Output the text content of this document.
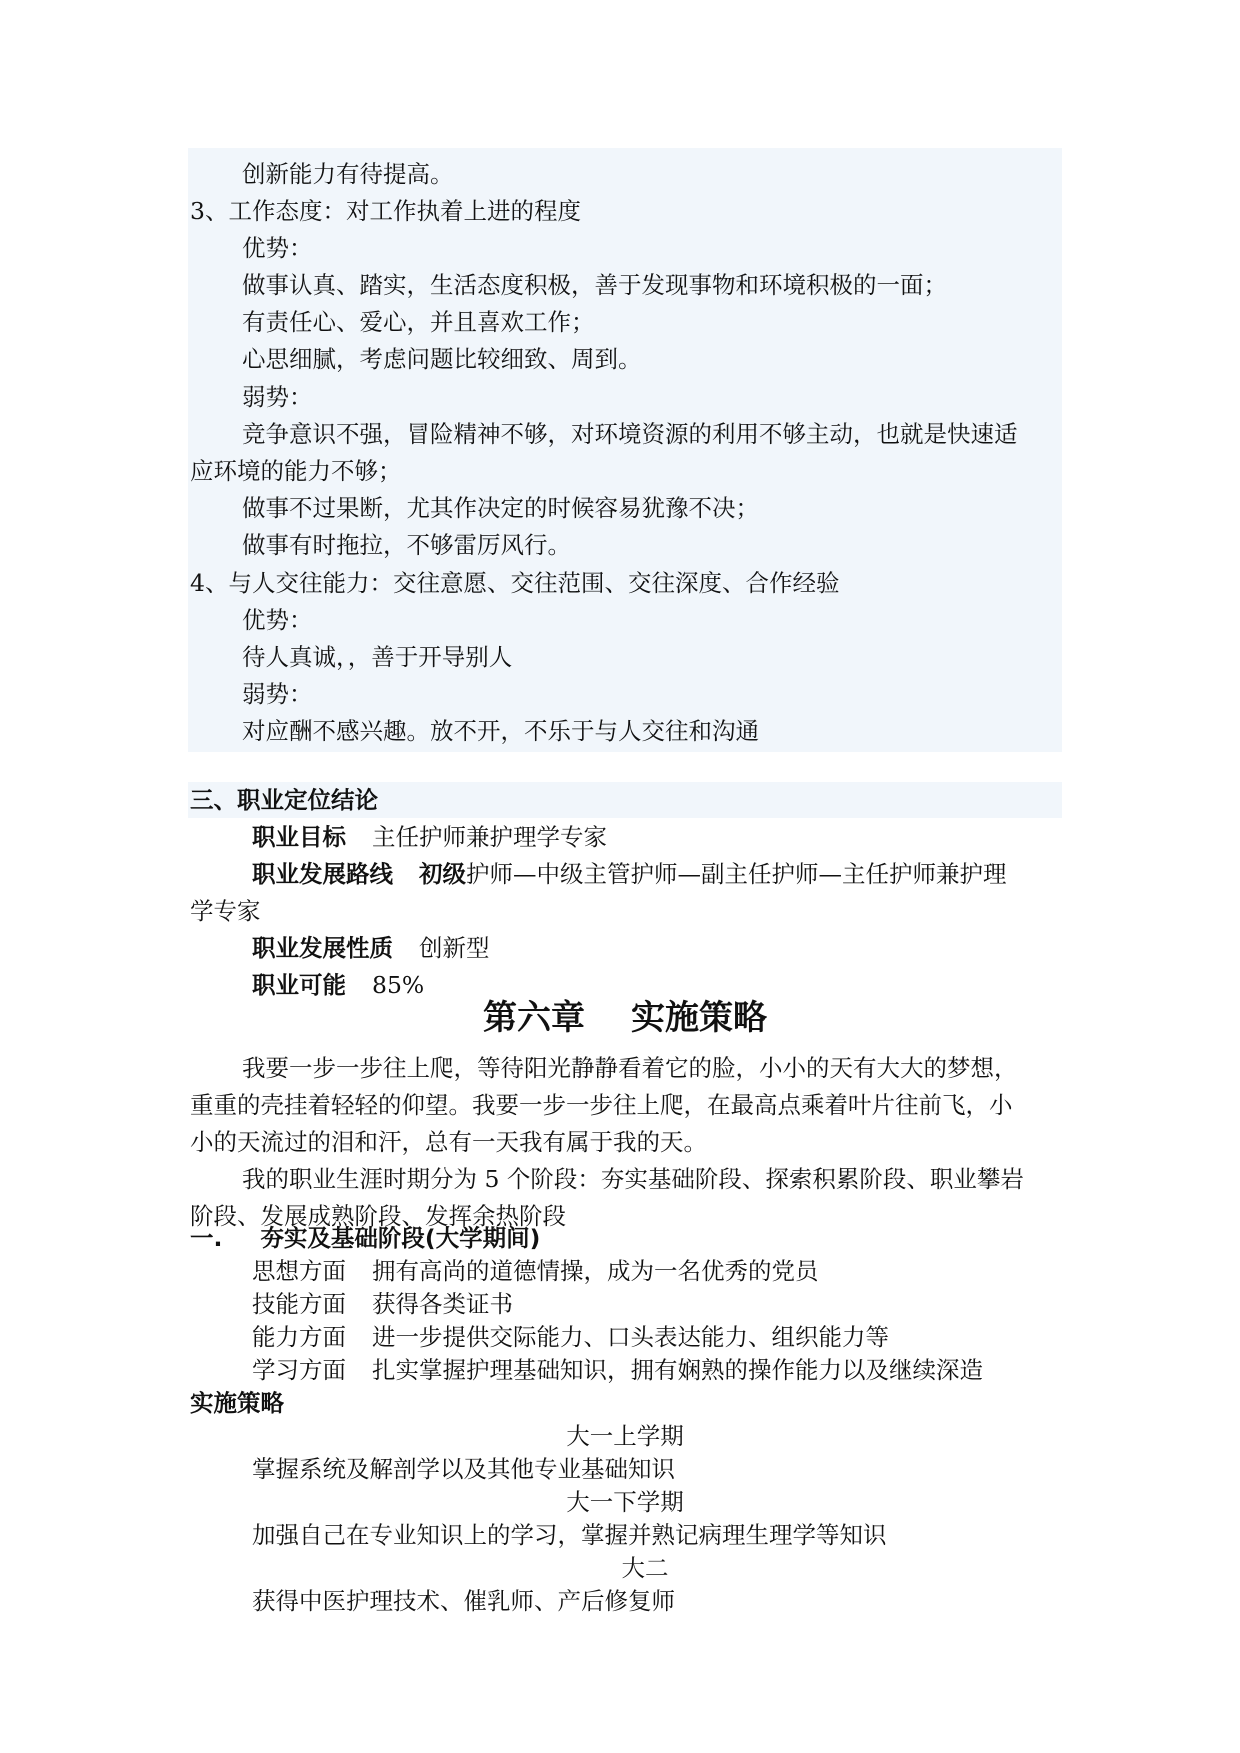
创新能力有待提高。
3、工作态度：对工作执着上进的程度
优势：
做事认真、踏实，生活态度积极，善于发现事物和环境积极的一面；
有责任心、爱心，并且喜欢工作；
心思细腻，考虑问题比较细致、周到。
弱势：
竞争意识不强，冒险精神不够，对环境资源的利用不够主动，也就是快速适
应环境的能力不够；
做事不过果断，尤其作决定的时候容易犹豫不决；
做事有时拖拉，不够雷厉风行。
4、与人交往能力：交往意愿、交往范围、交往深度、合作经验
优势：
待人真诚，，善于开导别人
弱势：
对应酬不感兴趣。放不开，不乐于与人交往和沟通
三、职业定位结论
职业目标 主任护师兼护理学专家
职业发展路线 初级护师—中级主管护师—副主任护师—主任护师兼护理
学专家
职业发展性质 创新型
职业可能 85%
第六章 实施策略
我要一步一步往上爬，等待阳光静静看着它的脸，小小的天有大大的梦想，
重重的壳挂着轻轻的仰望。我要一步一步往上爬，在最高点乘着叶片往前飞，小
小的天流过的泪和汗，总有一天我有属于我的天。
我的职业生涯时期分为 5 个阶段：夯实基础阶段、探索积累阶段、职业攀岩
阶段、发展成熟阶段、发挥余热阶段
一. 夯实及基础阶段(大学期间)
思想方面 拥有高尚的道德情操，成为一名优秀的党员
技能方面 获得各类证书
能力方面 进一步提供交际能力、口头表达能力、组织能力等
学习方面 扎实掌握护理基础知识，拥有娴熟的操作能力以及继续深造
实施策略
大一上学期
掌握系统及解剖学以及其他专业基础知识
大一下学期
加强自己在专业知识上的学习，掌握并熟记病理生理学等知识
大二
获得中医护理技术、催乳师、产后修复师
